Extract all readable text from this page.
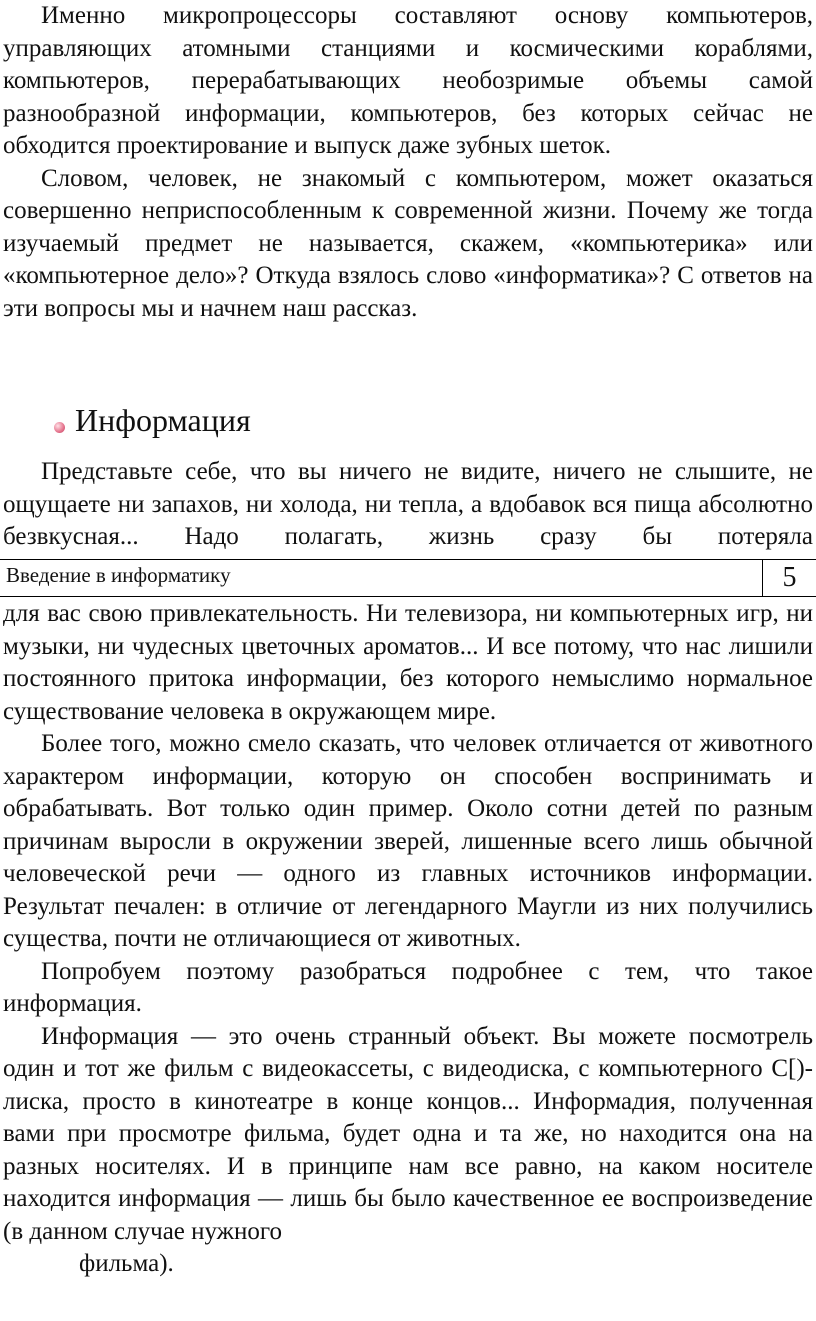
Именно микропроцессоры составляют основу компьютеров, управляющих атомными станциями и космическими кораблями, компьютеров, перерабатывающих необозримые объемы самой разнообразной информации, компьютеров, без которых сейчас не обходится проектирование и выпуск даже зубных шеток.

Словом, человек, не знакомый с компьютером, может оказаться совершенно неприспособленным к современной жизни. Почему же тогда изучаемый предмет не называется, скажем, «компьютерика» или «компьютерное дело»? Откуда взялось слово «информатика»? С ответов на эти вопросы мы и начнем наш рассказ.

Информация

Представьте себе, что вы ничего не видите, ничего не слышите, не ощущаете ни запахов, ни холода, ни тепла, а вдобавок вся пища абсолютно безвкусная... Надо полагать, жизнь сразу бы потеряла

Введение в информатику	5

для вас свою привлекательность. Ни телевизора, ни компьютерных игр, ни музыки, ни чудесных цветочных ароматов... И все потому, что нас лишили постоянного притока информации, без которого немыслимо нормальное существование человека в окружающем мире.

Более того, можно смело сказать, что человек отличается от животного характером информации, которую он способен воспринимать и обрабатывать. Вот только один пример. Около сотни детей по разным причинам выросли в окружении зверей, лишенные всего лишь обычной человеческой речи — одного из главных источников информации. Результат печален: в отличие от легендарного Маугли из них получились существа, почти не отличающиеся от животных.

Попробуем поэтому разобраться подробнее с тем, что такое информация.

Информация — это очень странный объект. Вы можете посмотрель один и тот же фильм с видеокассеты, с видеодиска, с компьютерного С[)-лиска, просто в кинотеатре в конце концов... Информадия, полученная вами при просмотре фильма, будет одна и та же, но находится она на разных носителях. И в принципе нам все равно, на каком носителе находится информация — лишь бы было качественное ее воспроизведение (в данном случае нужного
фильма).
